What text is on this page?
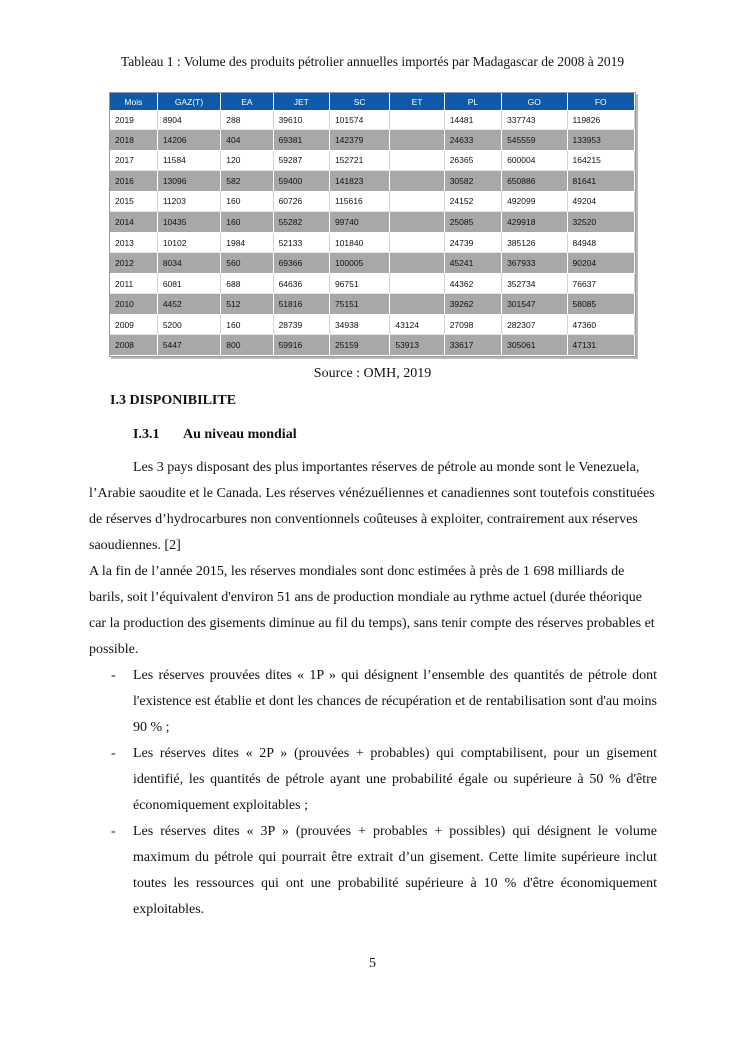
Tableau 1 : Volume des produits pétrolier annuelles importés par Madagascar de 2008 à 2019
Mois	GAZ(T)	EA	JET	SC	ET	PL	GO	FO
2019	8904	288	39610	101574		14481	337743	119826
2018	14206	404	69381	142379		24633	545559	133953
2017	11584	120	59287	152721		26365	600004	164215
2016	13096	582	59400	141823		30582	650886	81641
2015	11203	160	60726	115616		24152	492099	49204
2014	10435	160	55282	99740		25085	429918	32520
2013	10102	1984	52133	101840		24739	385126	84948
2012	8034	560	69366	100005		45241	367933	90204
2011	6081	688	64636	96751		44362	352734	76637
2010	4452	512	51816	75151		39262	301547	58085
2009	5200	160	28739	34938	43124	27098	282307	47360
2008	5447	800	59916	25159	53913	33617	305061	47131
Source : OMH, 2019
I.3 DISPONIBILITE
I.3.1 Au niveau mondial

Les 3 pays disposant des plus importantes réserves de pétrole au monde sont le Venezuela, l’Arabie saoudite et le Canada. Les réserves vénézuéliennes et canadiennes sont toutefois constituées de réserves d’hydrocarbures non conventionnels coûteuses à exploiter, contrairement aux réserves saoudiennes. [2]

A la fin de l’année 2015, les réserves mondiales sont donc estimées à près de 1 698 milliards de barils, soit l’équivalent d'environ 51 ans de production mondiale au rythme actuel (durée théorique car la production des gisements diminue au fil du temps), sans tenir compte des réserves probables et possible.

- Les réserves prouvées dites « 1P » qui désignent l’ensemble des quantités de pétrole dont l'existence est établie et dont les chances de récupération et de rentabilisation sont d'au moins 90 % ;
- Les réserves dites « 2P » (prouvées + probables) qui comptabilisent, pour un gisement identifié, les quantités de pétrole ayant une probabilité égale ou supérieure à 50 % d'être économiquement exploitables ;
- Les réserves dites « 3P » (prouvées + probables + possibles) qui désignent le volume maximum du pétrole qui pourrait être extrait d’un gisement. Cette limite supérieure inclut toutes les ressources qui ont une probabilité supérieure à 10 % d'être économiquement exploitables.
5
